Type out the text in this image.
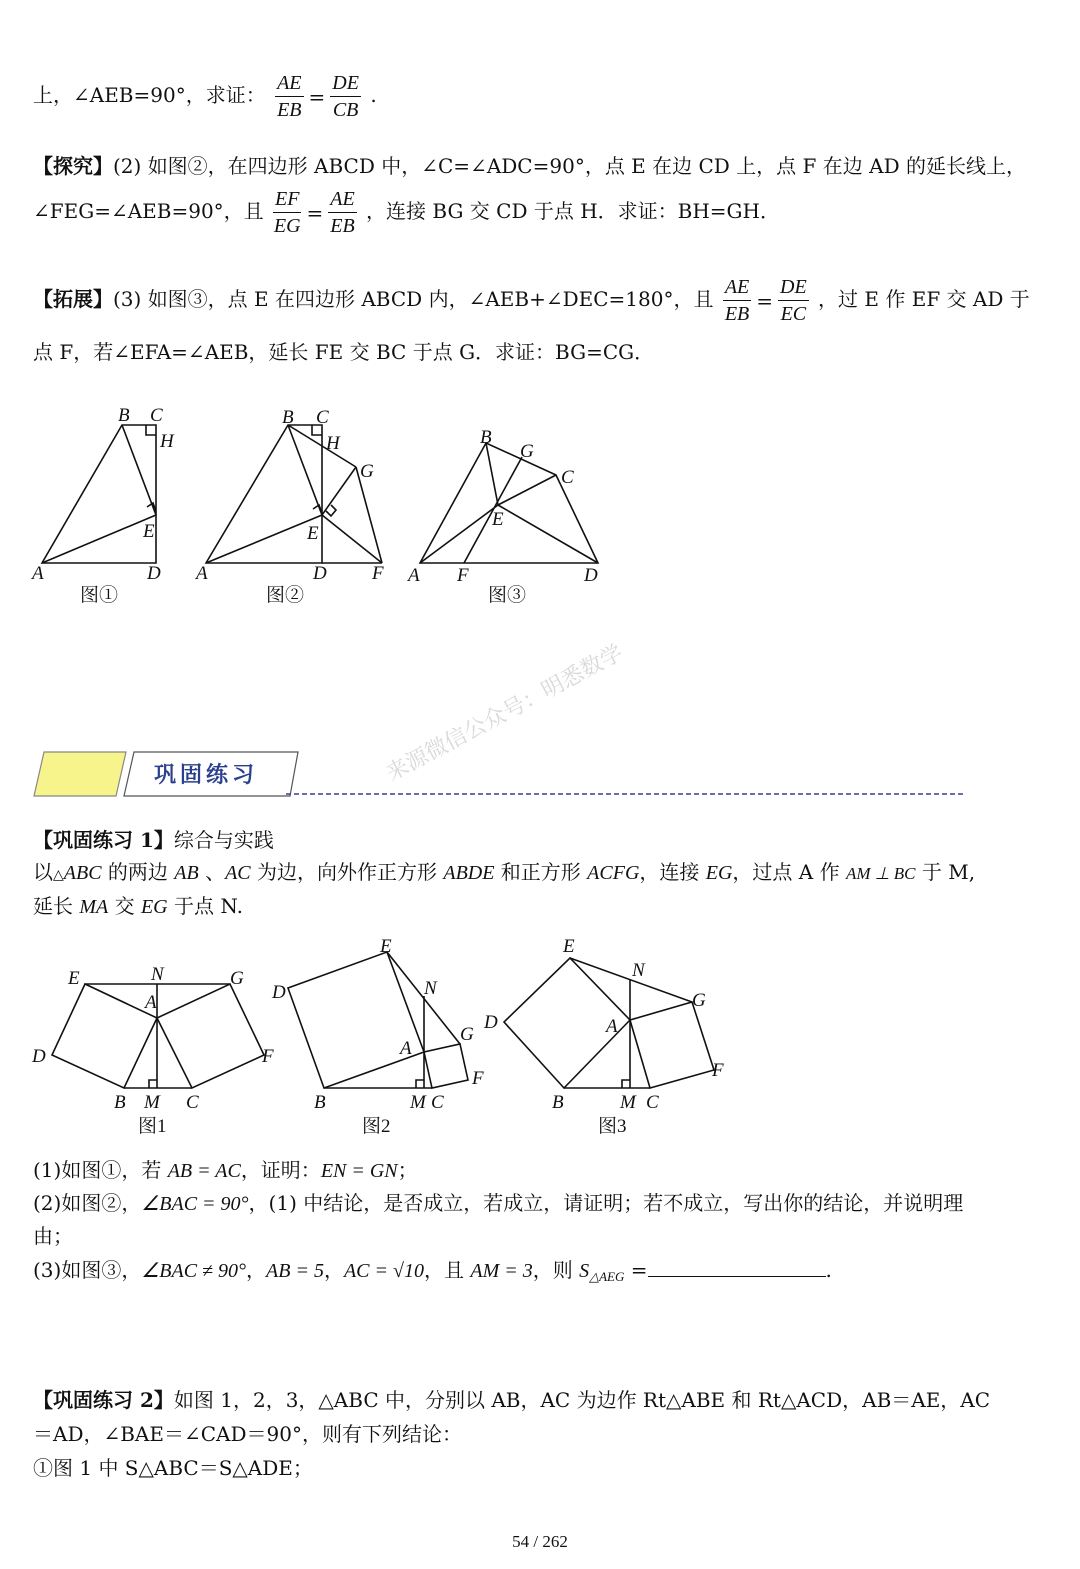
上，∠AEB=90°，求证： $\frac{AE}{EB} = \frac{DE}{CB}$ .
【探究】(2) 如图②，在四边形 ABCD 中，∠C=∠ADC=90°，点 E 在边 CD 上，点 F 在边 AD 的延长线上，
∠FEG=∠AEB=90°，且 $\frac{EF}{EG} = \frac{AE}{EB}$ ，连接 BG 交 CD 于点 H．求证：BH=GH．
【拓展】(3) 如图③，点 E 在四边形 ABCD 内，∠AEB+∠DEC=180°，且 $\frac{AE}{EB} = \frac{DE}{EC}$ ，过 E 作 EF 交 AD 于
点 F，若∠EFA=∠AEB，延长 FE 交 BC 于点 G．求证：BG=CG．
B C
H
E
A	D
图①
B C
H
G
E
A	D F
图②
B
G
C
E
A F	D
图③
巩固练习	来源微信公众号：明悉数学
【巩固练习 1】综合与实践
以△ABC 的两边 AB 、AC 为边，向外作正方形 ABDE 和正方形 ACFG，连接 EG，过点 A 作 AM ⊥ BC 于 M,
延长 MA 交 EG 于点 N.
E	N	G
A
D	F
B M C
图1
E
N
D
A
G
F
B	M C
图2
E
N
D	A
G
F
B	M C
图3
(1)如图①，若 AB = AC，证明：EN = GN；
(2)如图②，∠BAC = 90°，(1) 中结论，是否成立，若成立，请证明；若不成立，写出你的结论，并说明理
由；
(3)如图③，∠BAC ≠ 90°，AB = 5，AC = √10，且 AM = 3，则 $S_{\triangle AEG}$ =	.
【巩固练习 2】如图 1，2，3，△ABC 中，分别以 AB，AC 为边作 Rt△ABE 和 Rt△ACD，AB＝AE，AC
＝AD，∠BAE＝∠CAD＝90°，则有下列结论：
①图 1 中 S△ABC＝S△ADE；
54 / 262
